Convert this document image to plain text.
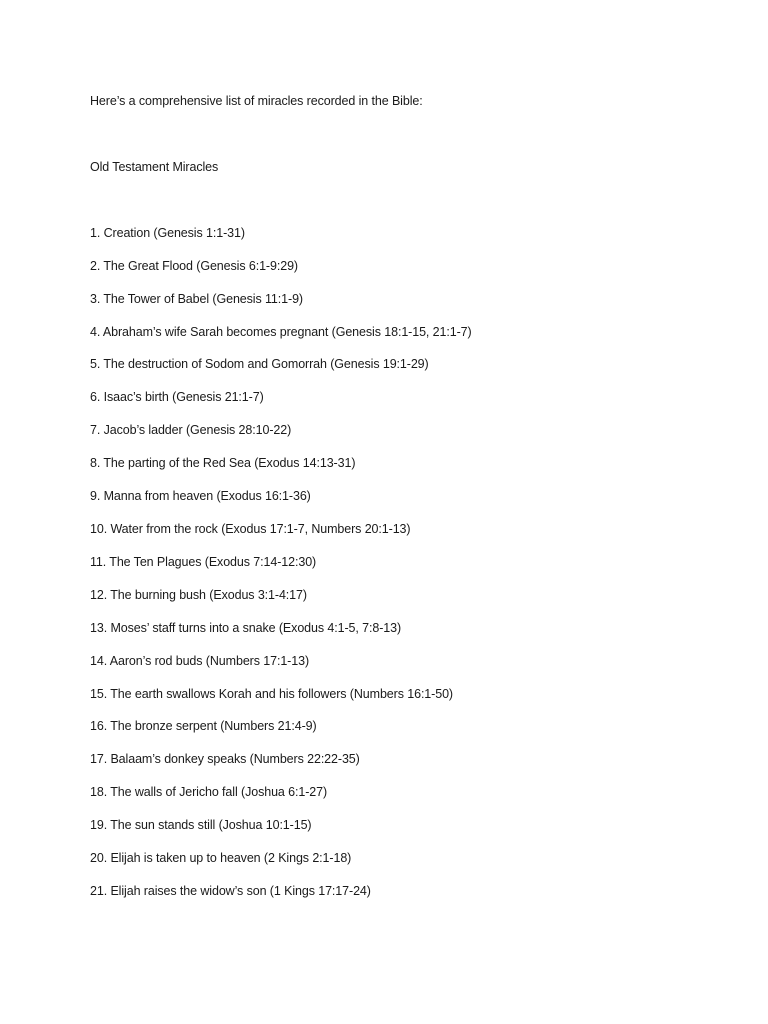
Here’s a comprehensive list of miracles recorded in the Bible:
Old Testament Miracles
1. Creation (Genesis 1:1-31)
2. The Great Flood (Genesis 6:1-9:29)
3. The Tower of Babel (Genesis 11:1-9)
4. Abraham’s wife Sarah becomes pregnant (Genesis 18:1-15, 21:1-7)
5. The destruction of Sodom and Gomorrah (Genesis 19:1-29)
6. Isaac’s birth (Genesis 21:1-7)
7. Jacob’s ladder (Genesis 28:10-22)
8. The parting of the Red Sea (Exodus 14:13-31)
9. Manna from heaven (Exodus 16:1-36)
10. Water from the rock (Exodus 17:1-7, Numbers 20:1-13)
11. The Ten Plagues (Exodus 7:14-12:30)
12. The burning bush (Exodus 3:1-4:17)
13. Moses’ staff turns into a snake (Exodus 4:1-5, 7:8-13)
14. Aaron’s rod buds (Numbers 17:1-13)
15. The earth swallows Korah and his followers (Numbers 16:1-50)
16. The bronze serpent (Numbers 21:4-9)
17. Balaam’s donkey speaks (Numbers 22:22-35)
18. The walls of Jericho fall (Joshua 6:1-27)
19. The sun stands still (Joshua 10:1-15)
20. Elijah is taken up to heaven (2 Kings 2:1-18)
21. Elijah raises the widow’s son (1 Kings 17:17-24)
